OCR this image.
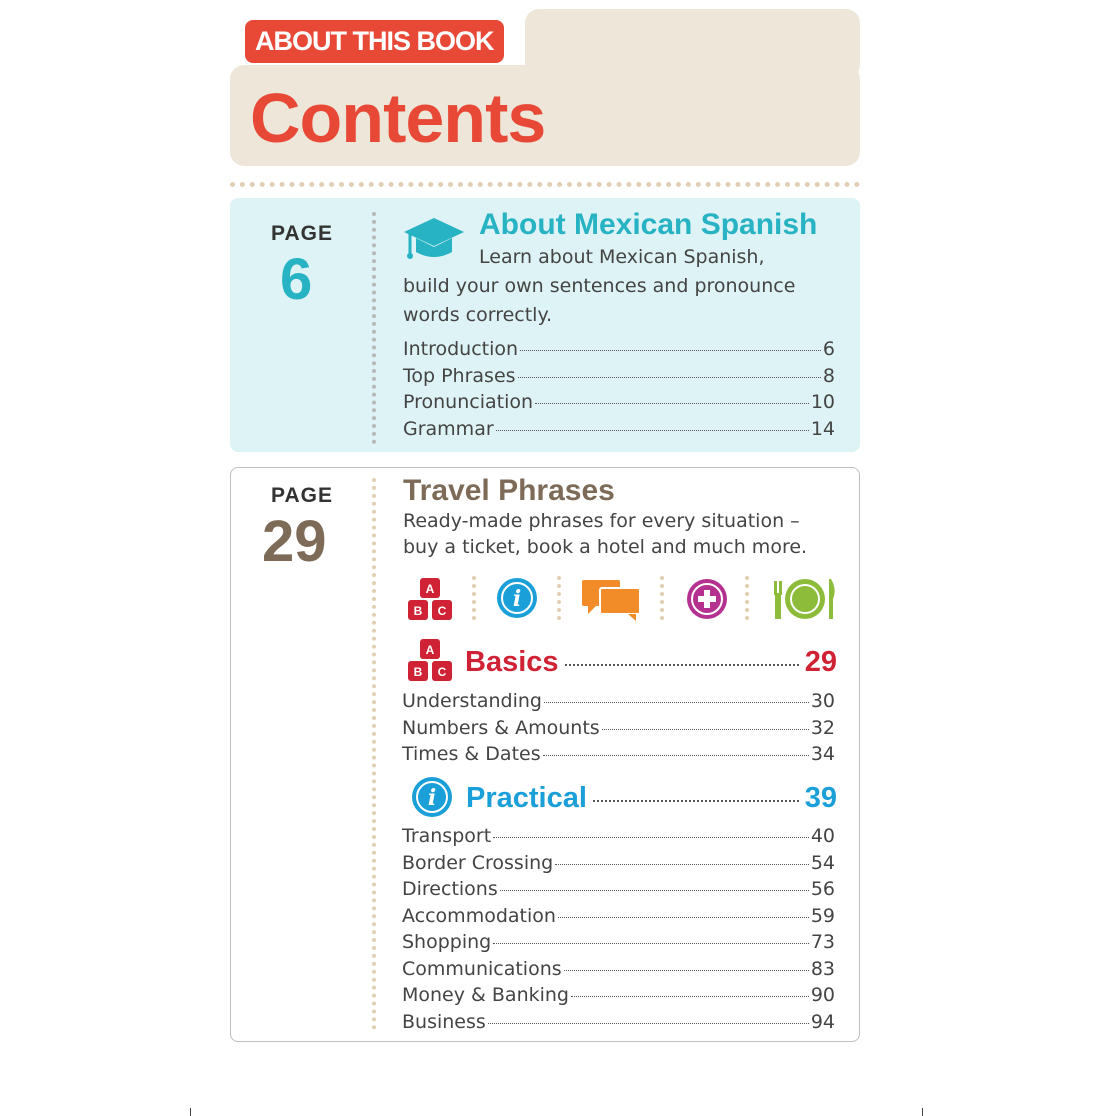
ABOUT THIS BOOK
Contents
PAGE
6
About Mexican Spanish
Learn about Mexican Spanish,
build your own sentences and pronounce
words correctly.
Introduction	6
Top Phrases	8
Pronunciation	10
Grammar	14
PAGE
29
Travel Phrases
Ready-made phrases for every situation –
buy a ticket, book a hotel and much more.
A
B C	i
A
B C Basics	29
Understanding	30
Numbers & Amounts	32
Times & Dates	34
i Practical	39
Transport	40
Border Crossing	54
Directions	56
Accommodation	59
Shopping	73
Communications	83
Money & Banking	90
Business	94
